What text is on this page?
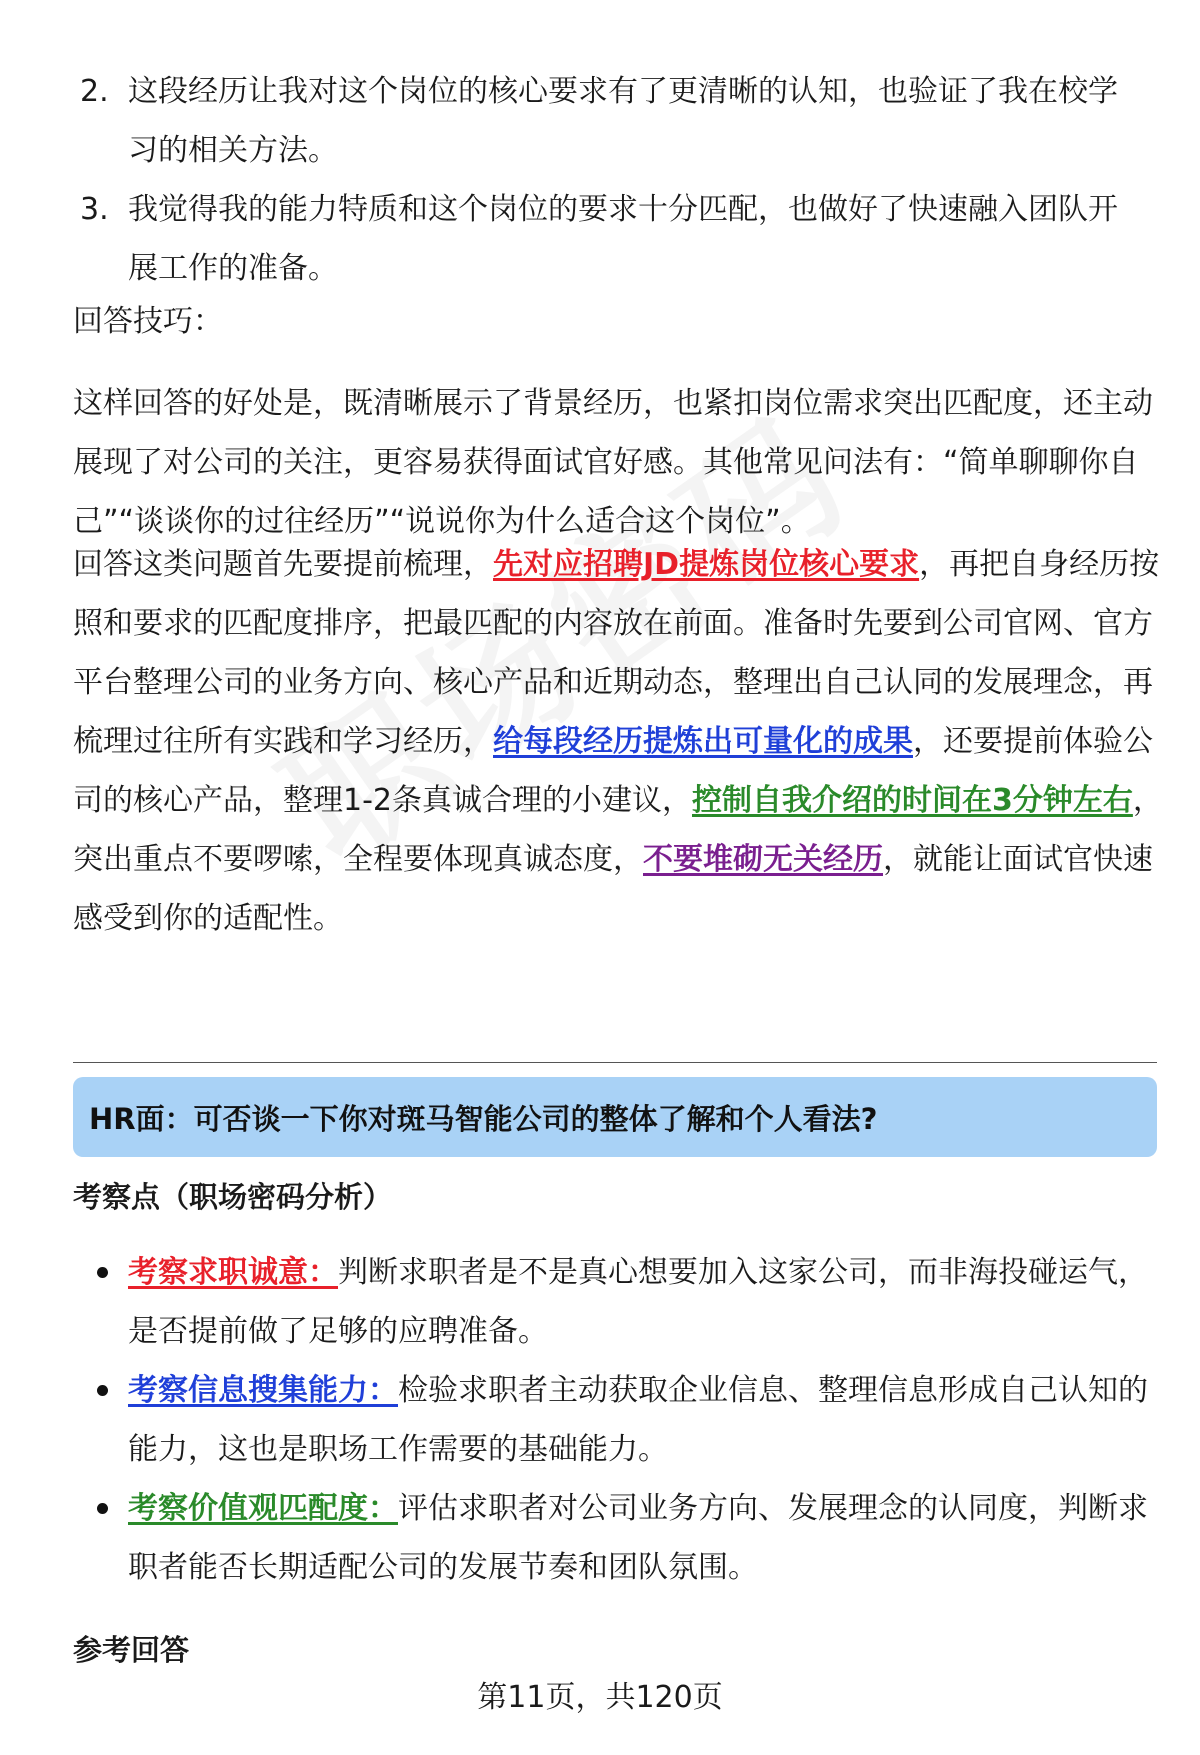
2. 这段经历让我对这个岗位的核心要求有了更清晰的认知，也验证了我在校学习的相关方法。
3. 我觉得我的能力特质和这个岗位的要求十分匹配，也做好了快速融入团队开展工作的准备。
回答技巧：
这样回答的好处是，既清晰展示了背景经历，也紧扣岗位需求突出匹配度，还主动展现了对公司的关注，更容易获得面试官好感。其他常见问法有：“简单聊聊你自己”“谈谈你的过往经历”“说说你为什么适合这个岗位”。
回答这类问题首先要提前梳理，先对应招聘JD提炼岗位核心要求，再把自身经历按照和要求的匹配度排序，把最匹配的内容放在前面。准备时先要到公司官网、官方平台整理公司的业务方向、核心产品和近期动态，整理出自己认同的发展理念，再梳理过往所有实践和学习经历，给每段经历提炼出可量化的成果，还要提前体验公司的核心产品，整理1-2条真诚合理的小建议，控制自我介绍的时间在3分钟左右，突出重点不要啰嗦，全程要体现真诚态度，不要堆砌无关经历，就能让面试官快速感受到你的适配性。
HR面：可否谈一下你对斑马智能公司的整体了解和个人看法?
考察点（职场密码分析）
考察求职诚意：判断求职者是不是真心想要加入这家公司，而非海投碰运气，是否提前做了足够的应聘准备。
考察信息搜集能力：检验求职者主动获取企业信息、整理信息形成自己认知的能力，这也是职场工作需要的基础能力。
考察价值观匹配度：评估求职者对公司业务方向、发展理念的认同度，判断求职者能否长期适配公司的发展节奏和团队氛围。
参考回答
第11页，共120页
